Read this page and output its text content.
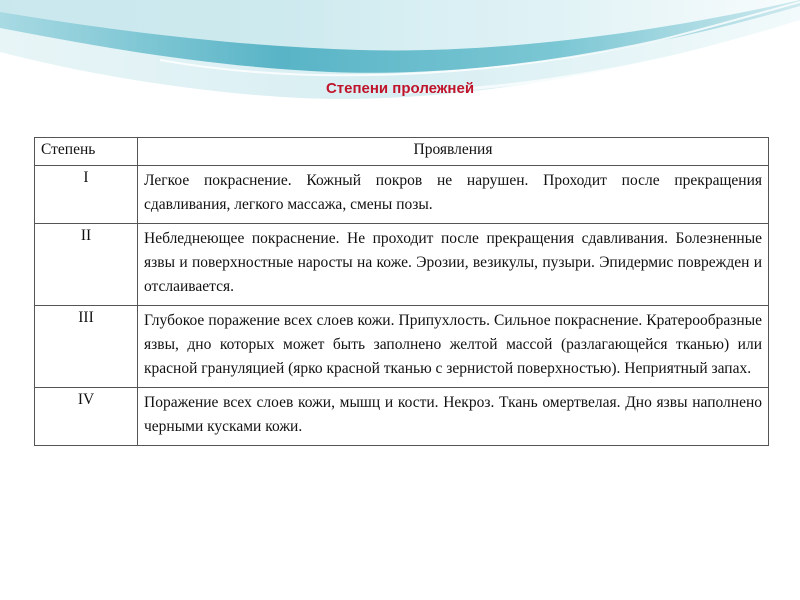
Степени пролежней
Степень	Проявления
I	Легкое покраснение. Кожный покров не нарушен. Проходит после прекращения сдавливания, легкого массажа, смены позы.

II	Небледнеющее покраснение. Не проходит после прекращения сдавливания. Болезненные язвы и поверхностные наросты на коже. Эрозии, везикулы, пузыри. Эпидермис поврежден и отслаивается.

III	Глубокое поражение всех слоев кожи. Припухлость. Сильное покраснение. Кратерообразные язвы, дно которых может быть заполнено желтой массой (разлагающейся тканью) или красной грануляцией (ярко красной тканью с зернистой поверхностью). Неприятный запах.

IV	Поражение всех слоев кожи, мышц и кости. Некроз. Ткань омертвелая. Дно язвы наполнено черными кусками кожи.
